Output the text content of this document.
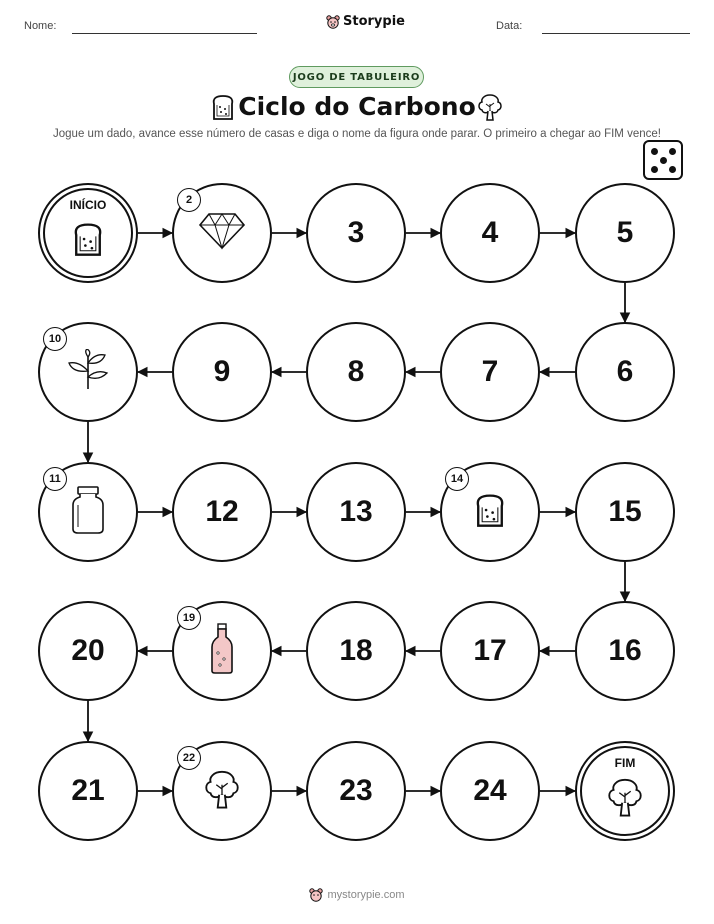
Nome:	Storypie	Data:
JOGO DE TABULEIRO
Ciclo do Carbono
Jogue um dado, avance esse número de casas e diga o nome da figura onde parar. O primeiro a chegar ao FIM vence!
INÍCIO	2
3	4	5
6
7
8
9
10
11
12	13
14
15
16
17
18
19
20
21
22
23	24
FIM
mystorypie.com
